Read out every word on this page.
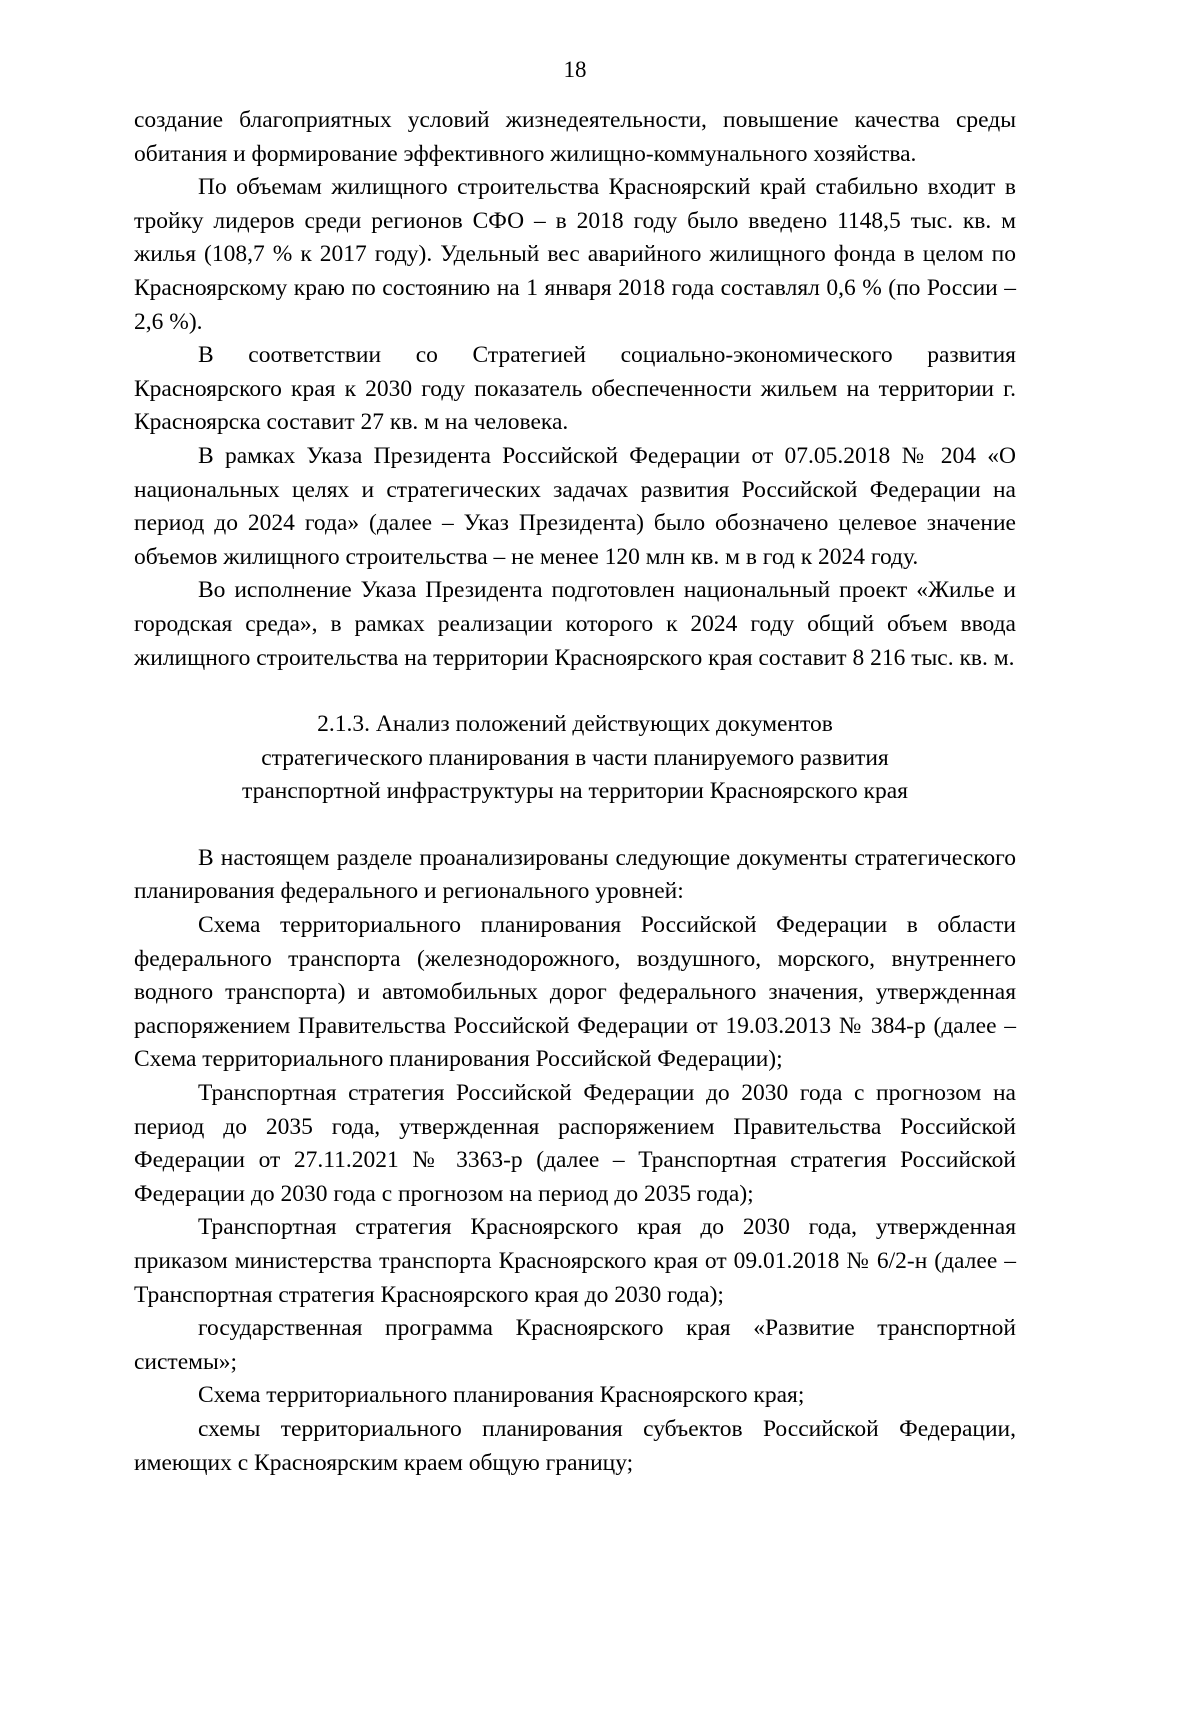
18

создание благоприятных условий жизнедеятельности, повышение качества среды обитания и формирование эффективного жилищно-коммунального хозяйства.

По объемам жилищного строительства Красноярский край стабильно входит в тройку лидеров среди регионов СФО – в 2018 году было введено 1148,5 тыс. кв. м жилья (108,7 % к 2017 году). Удельный вес аварийного жилищного фонда в целом по Красноярскому краю по состоянию на 1 января 2018 года составлял 0,6 % (по России – 2,6 %).

В соответствии со Стратегией социально-экономического развития Красноярского края к 2030 году показатель обеспеченности жильем на территории г. Красноярска составит 27 кв. м на человека.

В рамках Указа Президента Российской Федерации от 07.05.2018 № 204 «О национальных целях и стратегических задачах развития Российской Федерации на период до 2024 года» (далее – Указ Президента) было обозначено целевое значение объемов жилищного строительства – не менее 120 млн кв. м в год к 2024 году.

Во исполнение Указа Президента подготовлен национальный проект «Жилье и городская среда», в рамках реализации которого к 2024 году общий объем ввода жилищного строительства на территории Красноярского края составит 8 216 тыс. кв. м.

2.1.3. Анализ положений действующих документов
стратегического планирования в части планируемого развития
транспортной инфраструктуры на территории Красноярского края

В настоящем разделе проанализированы следующие документы стратегического планирования федерального и регионального уровней:

Схема территориального планирования Российской Федерации в области федерального транспорта (железнодорожного, воздушного, морского, внутреннего водного транспорта) и автомобильных дорог федерального значения, утвержденная распоряжением Правительства Российской Федерации от 19.03.2013 № 384-р (далее – Схема территориального планирования Российской Федерации);

Транспортная стратегия Российской Федерации до 2030 года с прогнозом на период до 2035 года, утвержденная распоряжением Правительства Российской Федерации от 27.11.2021 № 3363-р (далее – Транспортная стратегия Российской Федерации до 2030 года с прогнозом на период до 2035 года);

Транспортная стратегия Красноярского края до 2030 года, утвержденная приказом министерства транспорта Красноярского края от 09.01.2018 № 6/2-н (далее – Транспортная стратегия Красноярского края до 2030 года);

государственная программа Красноярского края «Развитие транспортной системы»;

Схема территориального планирования Красноярского края;

схемы территориального планирования субъектов Российской Федерации, имеющих с Красноярским краем общую границу;
